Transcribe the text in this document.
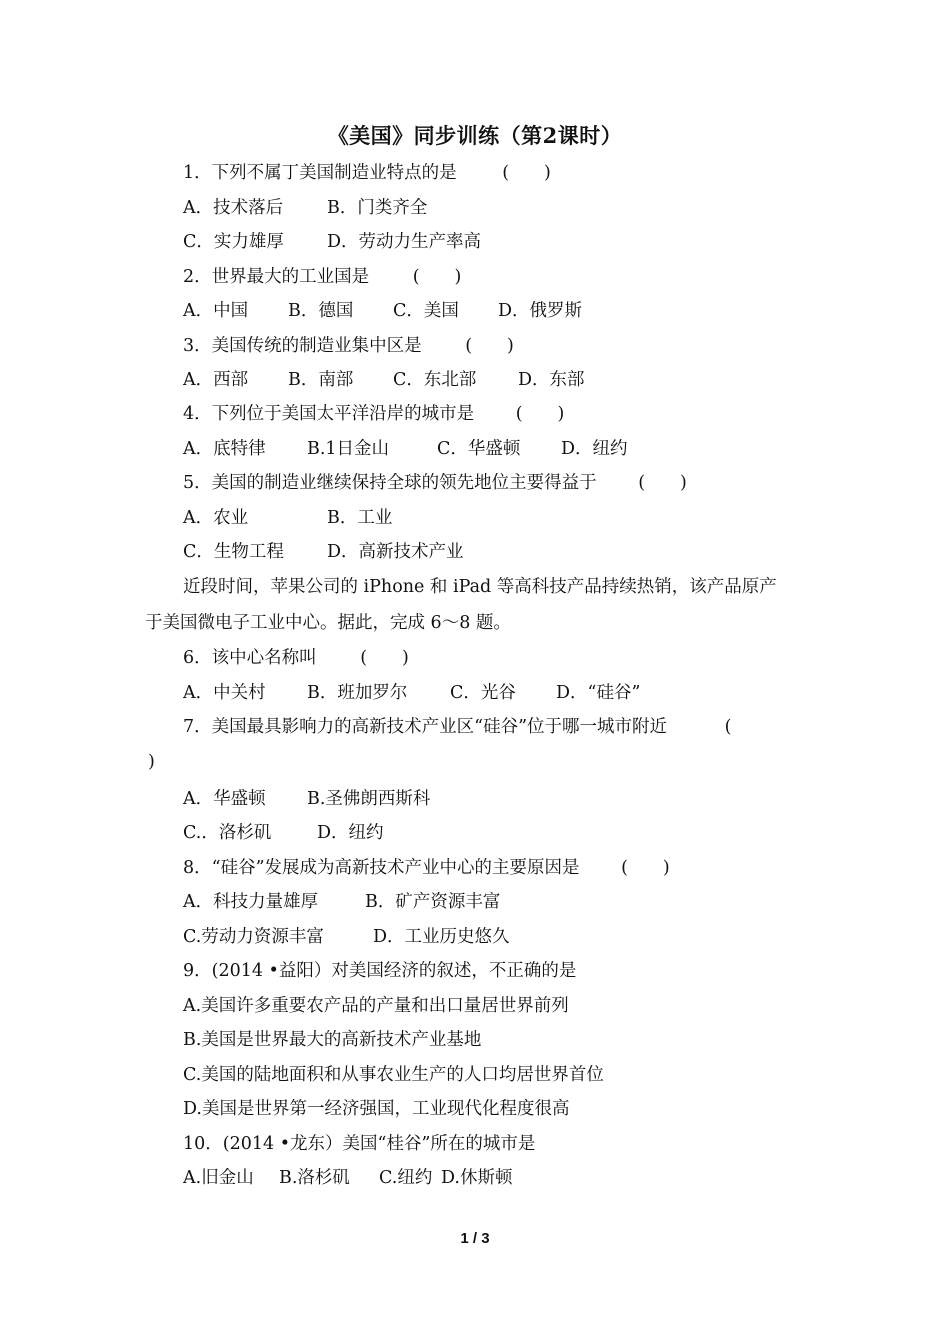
《美国》同步训练（第2课时）
1．下列不属丁美国制造业特点的是	(　　)
A．技术落后	B．门类齐全
C．实力雄厚 D．劳动力生产率高
2．世界最大的工业国是 (　　)
A．中国 B．德国 C．美国 D．俄罗斯
3．美国传统的制造业集中区是 (　　)
A．西部 B．南部 C．东北部 D．东部
4．下列位于美国太平洋沿岸的城市是 (　　)
A．底特律 B.1日金山	C．华盛顿 D．纽约
5．美国的制造业继续保持全球的领先地位主要得益于 (　　)
A．农业	B．工业
C．生物工程 D．高新技术产业
近段时间，苹果公司的 iPhone 和 iPad 等高科技产品持续热销，该产品原产
于美国微电子工业中心。据此，完成 6～8 题。
6．该中心名称叫 (　　)
A．中关村 B．班加罗尔 C．光谷 D．“硅谷”
7．美国最具影响力的高新技术产业区“硅谷”位于哪一城市附近	(
)
A．华盛顿 B.圣佛朗西斯科
C.．洛杉矶	D．纽约
8．“硅谷”发展成为高新技术产业中心的主要原因是 (　　)
A．科技力量雄厚	B．矿产资源丰富
C.劳动力资源丰富	D．工业历史悠久
9．(2014 •益阳）对美国经济的叙述，不正确的是
A.美国许多重要农产品的产量和出口量居世界前列
B.美国是世界最大的高新技术产业基地
C.美国的陆地面积和从事农业生产的人口均居世界首位
D.美国是世界第一经济强国，工业现代化程度很高
10．(2014 •龙东）美国“桂谷”所在的城市是
A.旧金山 B.洛杉矶 C.纽约 D.休斯顿
1 / 3
